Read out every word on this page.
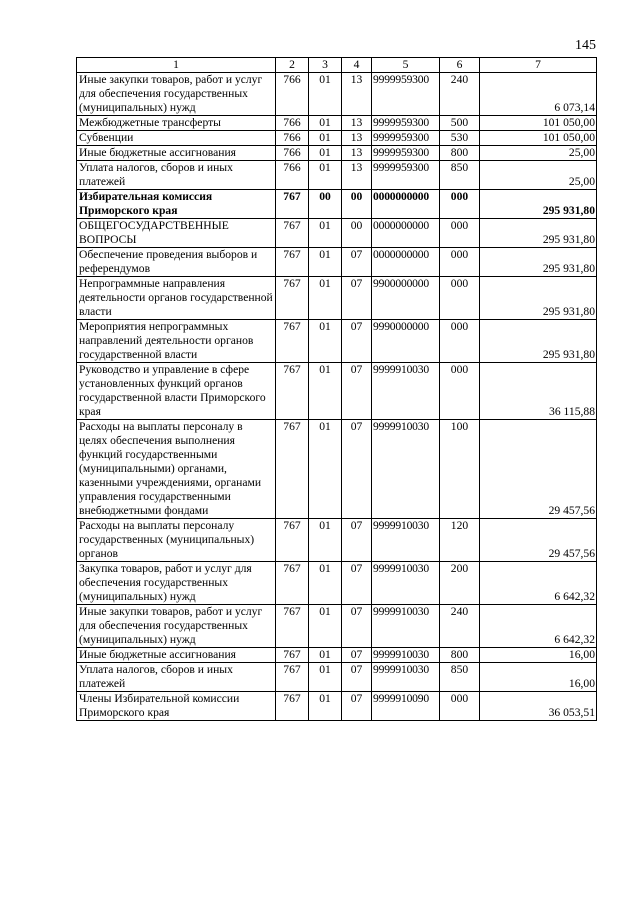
145
1	2	3	4	5	6	7
Иные закупки товаров, работ и услуг для обеспечения государственных (муниципальных) нужд	766	01	13	9999959300	240	6 073,14
Межбюджетные трансферты	766	01	13	9999959300	500	101 050,00
Субвенции	766	01	13	9999959300	530	101 050,00
Иные бюджетные ассигнования	766	01	13	9999959300	800	25,00
Уплата налогов, сборов и иных платежей	766	01	13	9999959300	850	25,00
Избирательная комиссия Приморского края	767	00	00	0000000000	000	295 931,80
ОБЩЕГОСУДАРСТВЕННЫЕ ВОПРОСЫ	767	01	00	0000000000	000	295 931,80
Обеспечение проведения выборов и референдумов	767	01	07	0000000000	000	295 931,80
Непрограммные направления деятельности органов государственной власти	767	01	07	9900000000	000	295 931,80
Мероприятия непрограммных направлений деятельности органов государственной власти	767	01	07	9990000000	000	295 931,80
Руководство и управление в сфере установленных функций органов государственной власти Приморского края	767	01	07	9999910030	000	36 115,88
Расходы на выплаты персоналу в целях обеспечения выполнения функций государственными (муниципальными) органами, казенными учреждениями, органами управления государственными внебюджетными фондами	767	01	07	9999910030	100	29 457,56
Расходы на выплаты персоналу государственных (муниципальных) органов	767	01	07	9999910030	120	29 457,56
Закупка товаров, работ и услуг для обеспечения государственных (муниципальных) нужд	767	01	07	9999910030	200	6 642,32
Иные закупки товаров, работ и услуг для обеспечения государственных (муниципальных) нужд	767	01	07	9999910030	240	6 642,32
Иные бюджетные ассигнования	767	01	07	9999910030	800	16,00
Уплата налогов, сборов и иных платежей	767	01	07	9999910030	850	16,00
Члены Избирательной комиссии Приморского края	767	01	07	9999910090	000	36 053,51
